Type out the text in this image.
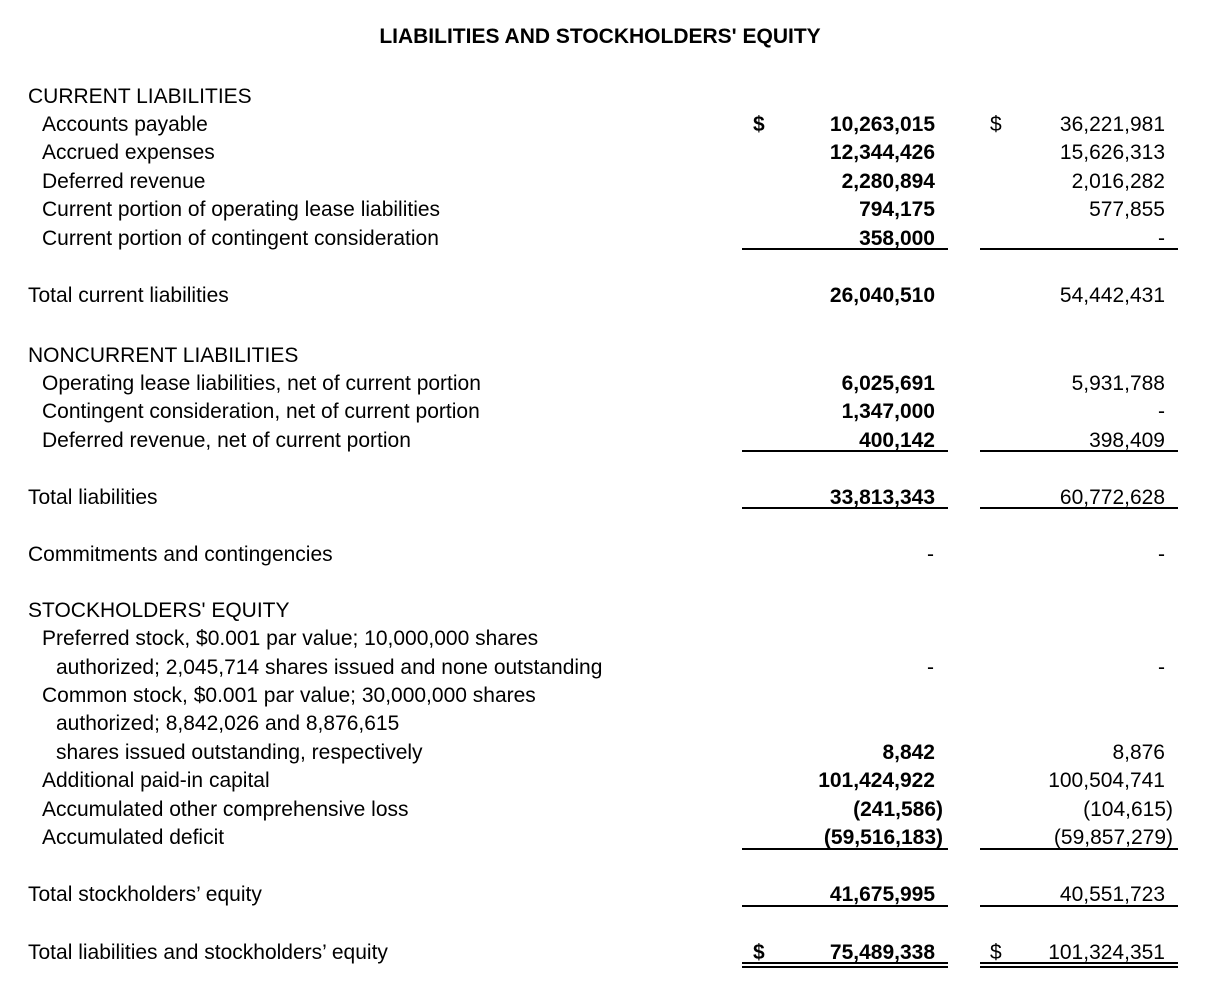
LIABILITIES AND STOCKHOLDERS' EQUITY
CURRENT LIABILITIES
Accounts payable	$	10,263,015	$	36,221,981
Accrued expenses	12,344,426	15,626,313
Deferred revenue	2,280,894	2,016,282
Current portion of operating lease liabilities	794,175	577,855
Current portion of contingent consideration	358,000	-
Total current liabilities	26,040,510	54,442,431
NONCURRENT LIABILITIES
Operating lease liabilities, net of current portion	6,025,691	5,931,788
Contingent consideration, net of current portion	1,347,000	-
Deferred revenue, net of current portion	400,142	398,409
Total liabilities	33,813,343	60,772,628
Commitments and contingencies	-	-
STOCKHOLDERS' EQUITY
Preferred stock, $0.001 par value; 10,000,000 shares
authorized; 2,045,714 shares issued and none outstanding	-	-
Common stock, $0.001 par value; 30,000,000 shares
authorized; 8,842,026 and 8,876,615
shares issued outstanding, respectively	8,842	8,876
Additional paid-in capital	101,424,922	100,504,741
Accumulated other comprehensive loss	(241,586)	(104,615)
Accumulated deficit	(59,516,183)	(59,857,279)
Total stockholders’ equity	41,675,995	40,551,723
Total liabilities and stockholders’ equity	$	75,489,338	$ 101,324,351
